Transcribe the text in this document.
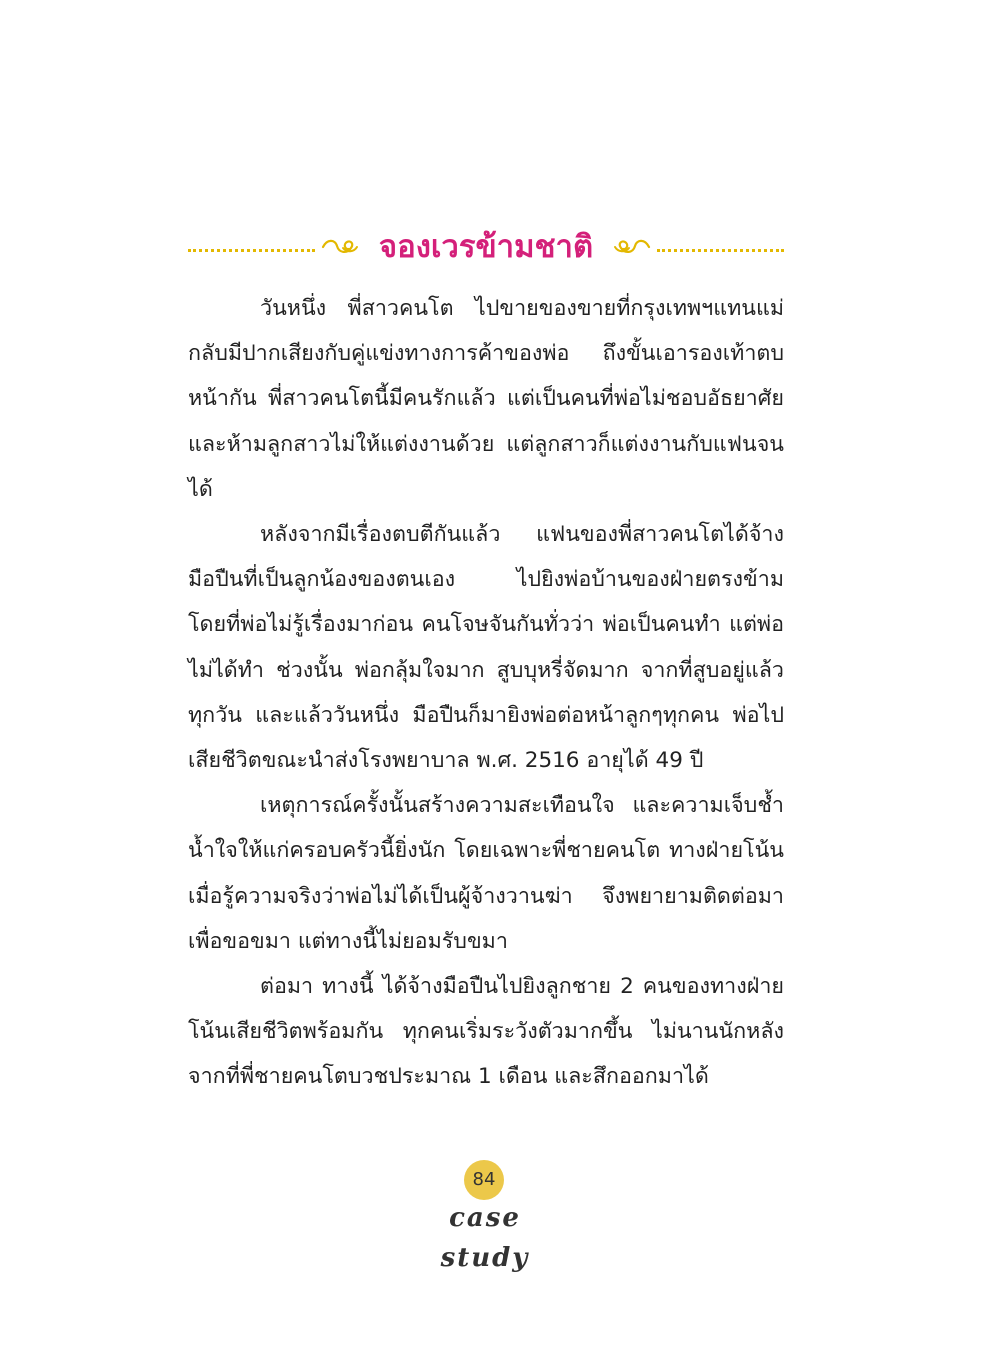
จองเวรข้ามชาติ

วันหนึ่ง พี่สาวคนโต ไปขายของขายที่กรุงเทพฯแทนแม่ กลับมีปากเสียงกับคู่แข่งทางการค้าของพ่อ ถึงขั้นเอารองเท้าตบหน้ากัน พี่สาวคนโตนี้มีคนรักแล้ว แต่เป็นคนที่พ่อไม่ชอบอัธยาศัย และห้ามลูกสาวไม่ให้แต่งงานด้วย แต่ลูกสาวก็แต่งงานกับแฟนจนได้

หลังจากมีเรื่องตบตีกันแล้ว แฟนของพี่สาวคนโตได้จ้างมือปืนที่เป็นลูกน้องของตนเอง ไปยิงพ่อบ้านของฝ่ายตรงข้าม โดยที่พ่อไม่รู้เรื่องมาก่อน คนโจษจันกันทั่วว่า พ่อเป็นคนทำ แต่พ่อไม่ได้ทำ ช่วงนั้น พ่อกลุ้มใจมาก สูบบุหรี่จัดมาก จากที่สูบอยู่แล้วทุกวัน และแล้ววันหนึ่ง มือปืนก็มายิงพ่อต่อหน้าลูกๆทุกคน พ่อไปเสียชีวิตขณะนำส่งโรงพยาบาล พ.ศ. 2516 อายุได้ 49 ปี

เหตุการณ์ครั้งนั้นสร้างความสะเทือนใจ และความเจ็บช้ำน้ำใจให้แก่ครอบครัวนี้ยิ่งนัก โดยเฉพาะพี่ชายคนโต ทางฝ่ายโน้นเมื่อรู้ความจริงว่าพ่อไม่ได้เป็นผู้จ้างวานฆ่า จึงพยายามติดต่อมาเพื่อขอขมา แต่ทางนี้ไม่ยอมรับขมา

ต่อมา ทางนี้ ได้จ้างมือปืนไปยิงลูกชาย 2 คนของทางฝ่ายโน้นเสียชีวิตพร้อมกัน ทุกคนเริ่มระวังตัวมากขึ้น ไม่นานนักหลังจากที่พี่ชายคนโตบวชประมาณ 1 เดือน และสึกออกมาได้

84
case study
